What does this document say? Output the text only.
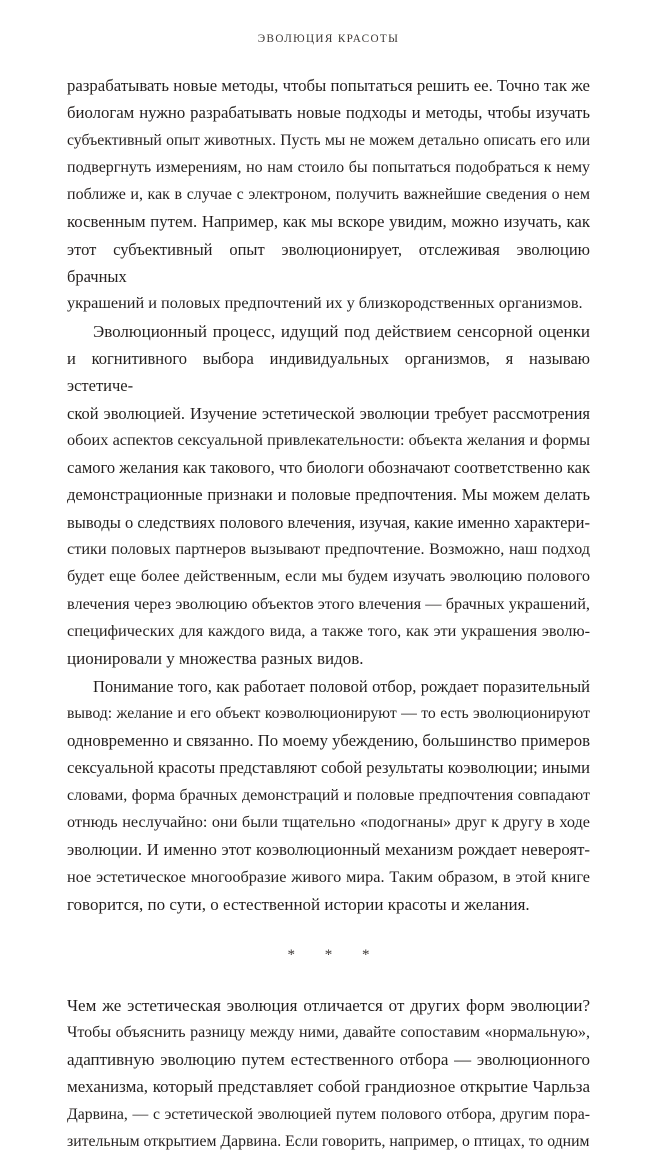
ЭВОЛЮЦИЯ КРАСОТЫ

разрабатывать новые методы, чтобы попытаться решить ее. Точно так же
биологам нужно разрабатывать новые подходы и методы, чтобы изучать
субъективный опыт животных. Пусть мы не можем детально описать его или
подвергнуть измерениям, но нам стоило бы попытаться подобраться к нему
поближе и, как в случае с электроном, получить важнейшие сведения о нем
косвенным путем. Например, как мы вскоре увидим, можно изучать, как
этот субъективный опыт эволюционирует, отслеживая эволюцию брачных
украшений и половых предпочтений их у близкородственных организмов.

Эволюционный процесс, идущий под действием сенсорной оценки
и когнитивного выбора индивидуальных организмов, я называю эстетиче-
ской эволюцией. Изучение эстетической эволюции требует рассмотрения
обоих аспектов сексуальной привлекательности: объекта желания и формы
самого желания как такового, что биологи обозначают соответственно как
демонстрационные признаки и половые предпочтения. Мы можем делать
выводы о следствиях полового влечения, изучая, какие именно характери-
стики половых партнеров вызывают предпочтение. Возможно, наш подход
будет еще более действенным, если мы будем изучать эволюцию полового
влечения через эволюцию объектов этого влечения — брачных украшений,
специфических для каждого вида, а также того, как эти украшения эволю-
ционировали у множества разных видов.

Понимание того, как работает половой отбор, рождает поразительный
вывод: желание и его объект коэволюционируют — то есть эволюционируют
одновременно и связанно. По моему убеждению, большинство примеров
сексуальной красоты представляют собой результаты коэволюции; иными
словами, форма брачных демонстраций и половые предпочтения совпадают
отнюдь неслучайно: они были тщательно «подогнаны» друг к другу в ходе
эволюции. И именно этот коэволюционный механизм рождает невероят-
ное эстетическое многообразие живого мира. Таким образом, в этой книге
говорится, по сути, о естественной истории красоты и желания.

* * *

Чем же эстетическая эволюция отличается от других форм эволюции?
Чтобы объяснить разницу между ними, давайте сопоставим «нормальную»,
адаптивную эволюцию путем естественного отбора — эволюционного
механизма, который представляет собой грандиозное открытие Чарльза
Дарвина, — с эстетической эволюцией путем полового отбора, другим пора-
зительным открытием Дарвина. Если говорить, например, о птицах, то одним
